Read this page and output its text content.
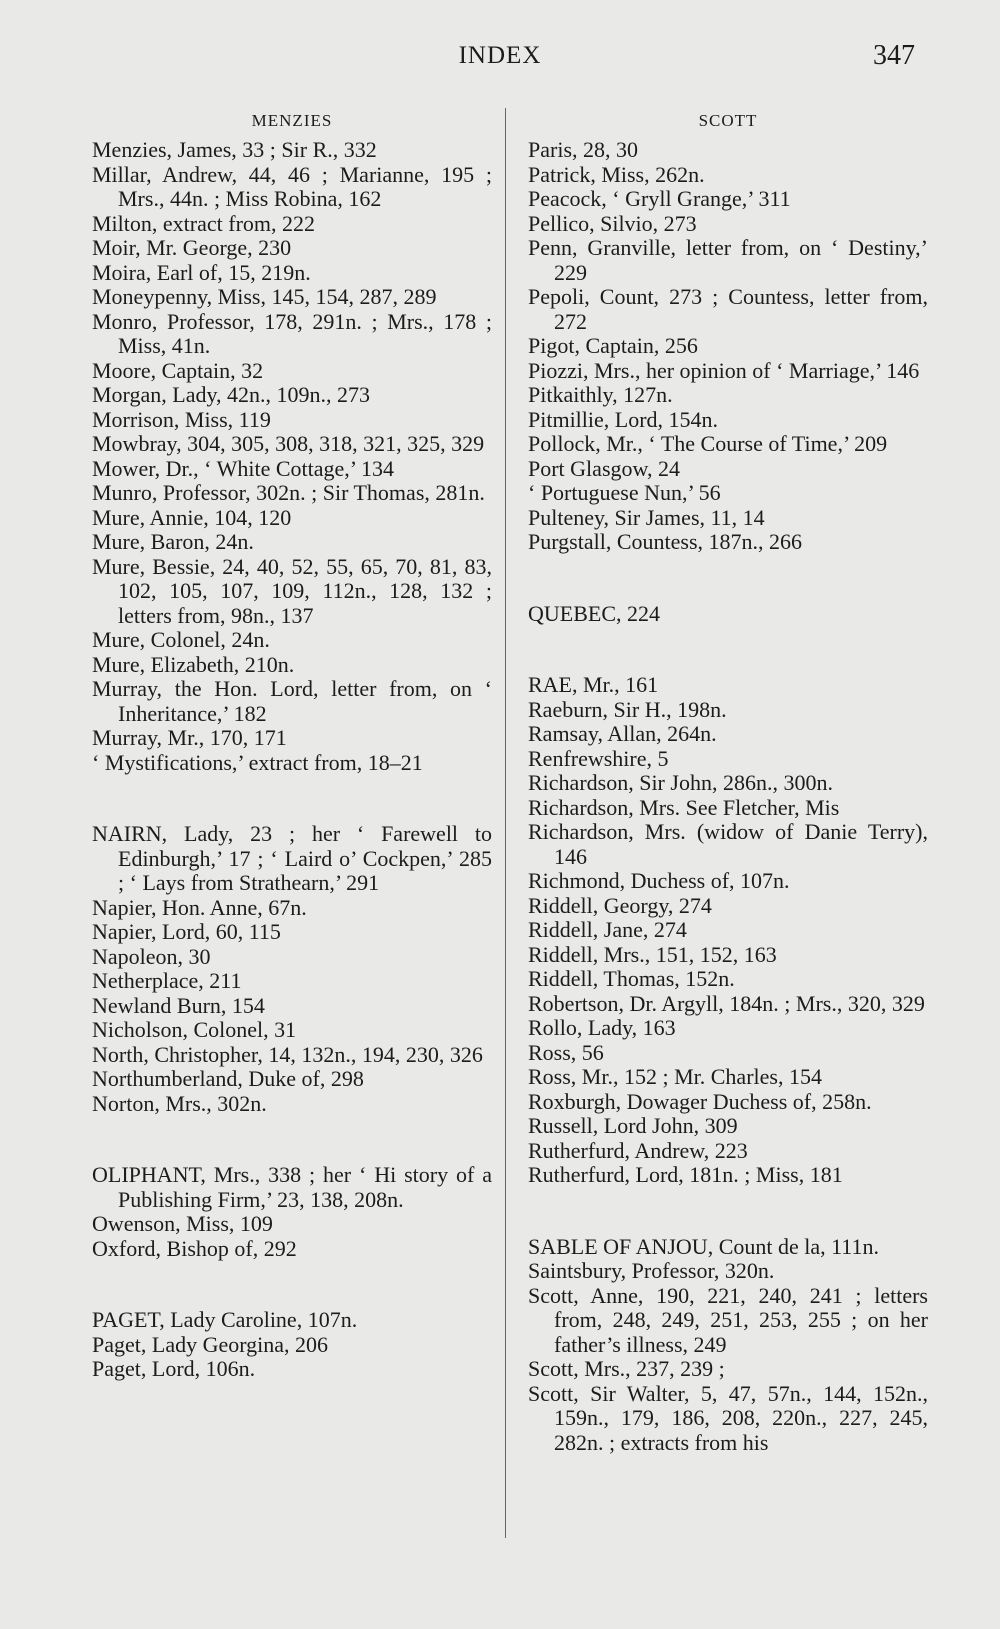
INDEX	347
MENZIES
Menzies, James, 33 ; Sir R., 332
Millar, Andrew, 44, 46 ; Marianne, 195 ; Mrs., 44n. ; Miss Robina, 162
Milton, extract from, 222
Moir, Mr. George, 230
Moira, Earl of, 15, 219n.
Moneypenny, Miss, 145, 154, 287, 289
Monro, Professor, 178, 291n. ; Mrs., 178 ; Miss, 41n.
Moore, Captain, 32
Morgan, Lady, 42n., 109n., 273
Morrison, Miss, 119
Mowbray, 304, 305, 308, 318, 321, 325, 329
Mower, Dr., ‘ White Cottage,’ 134
Munro, Professor, 302n. ; Sir Thomas, 281n.
Mure, Annie, 104, 120
Mure, Baron, 24n.
Mure, Bessie, 24, 40, 52, 55, 65, 70, 81, 83, 102, 105, 107, 109, 112n., 128, 132 ; letters from, 98n., 137
Mure, Colonel, 24n.
Mure, Elizabeth, 210n.
Murray, the Hon. Lord, letter from, on ‘ Inheritance,’ 182
Murray, Mr., 170, 171
‘ Mystifications,’ extract from, 18–21
NAIRN, Lady, 23 ; her ‘ Farewell to Edinburgh,’ 17 ; ‘ Laird o’ Cockpen,’ 285 ; ‘ Lays from Strathearn,’ 291
Napier, Hon. Anne, 67n.
Napier, Lord, 60, 115
Napoleon, 30
Netherplace, 211
Newland Burn, 154
Nicholson, Colonel, 31
North, Christopher, 14, 132n., 194, 230, 326
Northumberland, Duke of, 298
Norton, Mrs., 302n.
OLIPHANT, Mrs., 338 ; her ‘ Hi story of a Publishing Firm,’ 23, 138, 208n.
Owenson, Miss, 109
Oxford, Bishop of, 292
PAGET, Lady Caroline, 107n.
Paget, Lady Georgina, 206
Paget, Lord, 106n.
SCOTT
Paris, 28, 30
Patrick, Miss, 262n.
Peacock, ‘ Gryll Grange,’ 311
Pellico, Silvio, 273
Penn, Granville, letter from, on ‘ Destiny,’ 229
Pepoli, Count, 273 ; Countess, letter from, 272
Pigot, Captain, 256
Piozzi, Mrs., her opinion of ‘ Marriage,’ 146
Pitkaithly, 127n.
Pitmillie, Lord, 154n.
Pollock, Mr., ‘ The Course of Time,’ 209
Port Glasgow, 24
‘ Portuguese Nun,’ 56
Pulteney, Sir James, 11, 14
Purgstall, Countess, 187n., 266
QUEBEC, 224
RAE, Mr., 161
Raeburn, Sir H., 198n.
Ramsay, Allan, 264n.
Renfrewshire, 5
Richardson, Sir John, 286n., 300n.
Richardson, Mrs. See Fletcher, Mis
Richardson, Mrs. (widow of Danie Terry), 146
Richmond, Duchess of, 107n.
Riddell, Georgy, 274
Riddell, Jane, 274
Riddell, Mrs., 151, 152, 163
Riddell, Thomas, 152n.
Robertson, Dr. Argyll, 184n. ; Mrs., 320, 329
Rollo, Lady, 163
Ross, 56
Ross, Mr., 152 ; Mr. Charles, 154
Roxburgh, Dowager Duchess of, 258n.
Russell, Lord John, 309
Rutherfurd, Andrew, 223
Rutherfurd, Lord, 181n. ; Miss, 181
SABLE OF ANJOU, Count de la, 111n.
Saintsbury, Professor, 320n.
Scott, Anne, 190, 221, 240, 241 ; letters from, 248, 249, 251, 253, 255 ; on her father’s illness, 249
Scott, Mrs., 237, 239 ;
Scott, Sir Walter, 5, 47, 57n., 144, 152n., 159n., 179, 186, 208, 220n., 227, 245, 282n. ; extracts from his
